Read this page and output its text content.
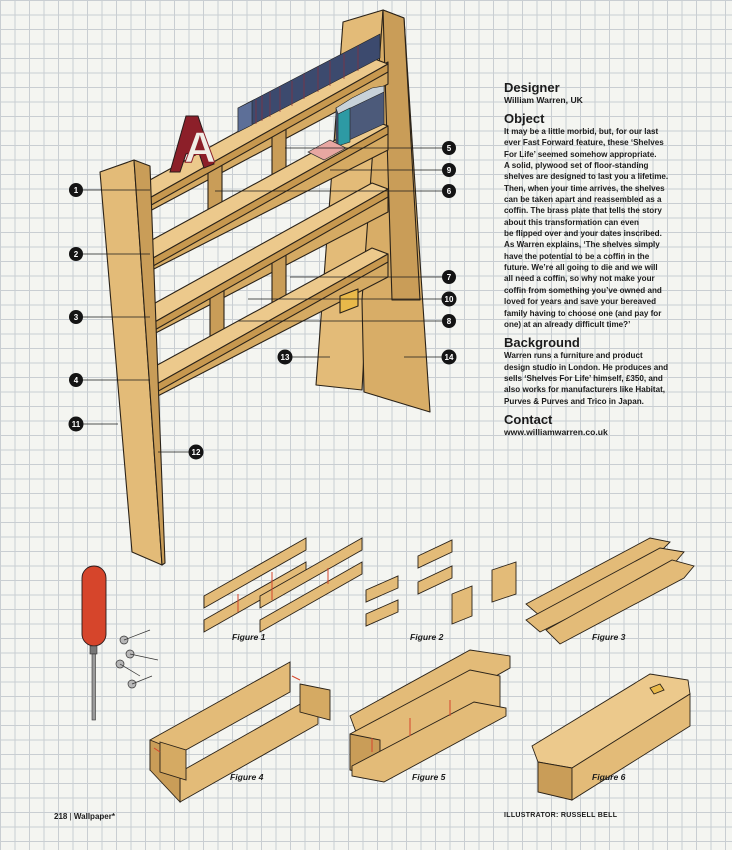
A
1
2
3
4
5
6
7
8
9
10
11
12
13	14
Figure 1	Figure 2	Figure 3
Figure 4	Figure 5	Figure 6
Designer
William Warren, UK
Object
It may be a little morbid, but, for our last
ever Fast Forward feature, these ‘Shelves
For Life’ seemed somehow appropriate.
A solid, plywood set of floor-standing
shelves are designed to last you a lifetime.
Then, when your time arrives, the shelves
can be taken apart and reassembled as a
coffin. The brass plate that tells the story
about this transformation can even
be flipped over and your dates inscribed.
As Warren explains, ‘The shelves simply
have the potential to be a coffin in the
future. We’re all going to die and we will
all need a coffin, so why not make your
coffin from something you’ve owned and
loved for years and save your bereaved
family having to choose one (and pay for
one) at an already difficult time?’
Background
Warren runs a furniture and product
design studio in London. He produces and
sells ‘Shelves For Life’ himself, £350, and
also works for manufacturers like Habitat,
Purves & Purves and Trico in Japan.
Contact
www.williamwarren.co.uk
218 | Wallpaper*	ILLUSTRATOR: RUSSELL BELL
